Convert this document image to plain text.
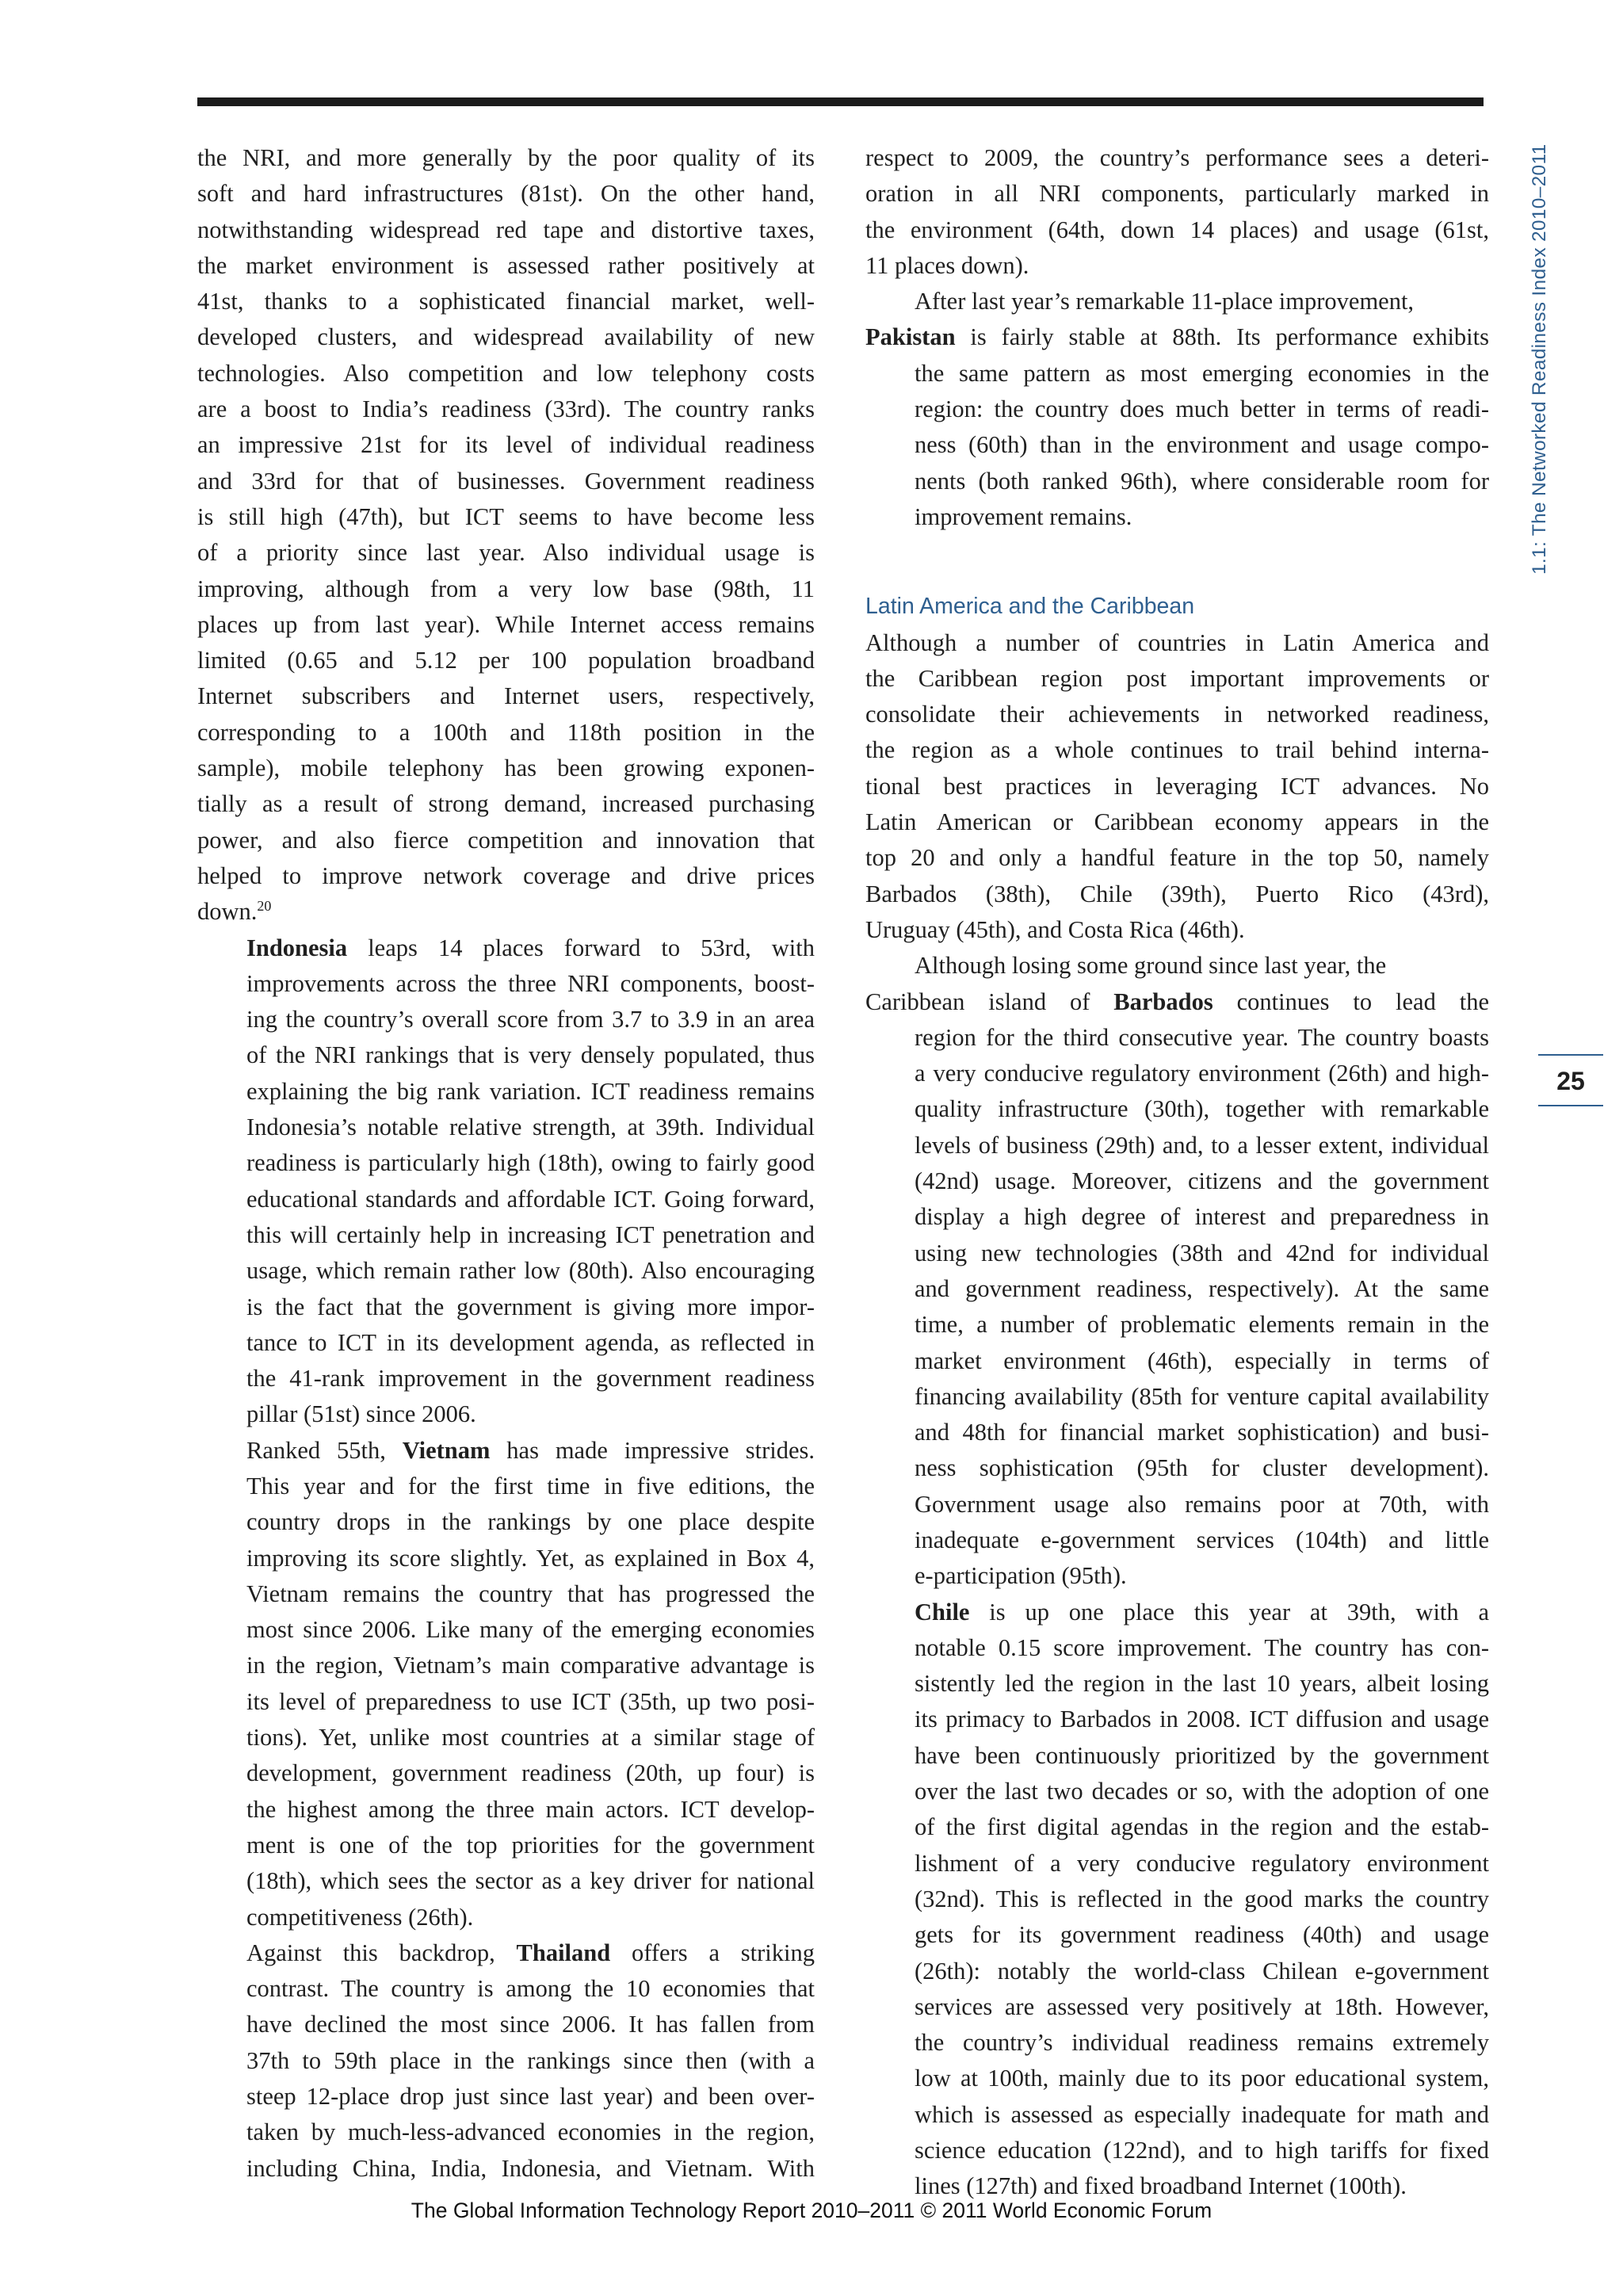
the NRI, and more generally by the poor quality of its
soft and hard infrastructures (81st). On the other hand,
notwithstanding widespread red tape and distortive taxes,
the market environment is assessed rather positively at
41st, thanks to a sophisticated financial market, well-
developed clusters, and widespread availability of new
technologies. Also competition and low telephony costs
are a boost to India’s readiness (33rd). The country ranks
an impressive 21st for its level of individual readiness
and 33rd for that of businesses. Government readiness
is still high (47th), but ICT seems to have become less
of a priority since last year. Also individual usage is
improving, although from a very low base (98th, 11
places up from last year). While Internet access remains
limited (0.65 and 5.12 per 100 population broadband
Internet subscribers and Internet users, respectively,
corresponding to a 100th and 118th position in the
sample), mobile telephony has been growing exponen-
tially as a result of strong demand, increased purchasing
power, and also fierce competition and innovation that
helped to improve network coverage and drive prices
down.$^{20}$

Indonesia leaps 14 places forward to 53rd, with
improvements across the three NRI components, boost-
ing the country’s overall score from 3.7 to 3.9 in an area
of the NRI rankings that is very densely populated, thus
explaining the big rank variation. ICT readiness remains
Indonesia’s notable relative strength, at 39th. Individual
readiness is particularly high (18th), owing to fairly good
educational standards and affordable ICT. Going forward,
this will certainly help in increasing ICT penetration and
usage, which remain rather low (80th). Also encouraging
is the fact that the government is giving more impor-
tance to ICT in its development agenda, as reflected in
the 41-rank improvement in the government readiness
pillar (51st) since 2006.

Ranked 55th, Vietnam has made impressive strides.
This year and for the first time in five editions, the
country drops in the rankings by one place despite
improving its score slightly. Yet, as explained in Box 4,
Vietnam remains the country that has progressed the
most since 2006. Like many of the emerging economies
in the region, Vietnam’s main comparative advantage is
its level of preparedness to use ICT (35th, up two posi-
tions). Yet, unlike most countries at a similar stage of
development, government readiness (20th, up four) is
the highest among the three main actors. ICT develop-
ment is one of the top priorities for the government
(18th), which sees the sector as a key driver for national
competitiveness (26th).

Against this backdrop, Thailand offers a striking
contrast. The country is among the 10 economies that
have declined the most since 2006. It has fallen from
37th to 59th place in the rankings since then (with a
steep 12-place drop just since last year) and been over-
taken by much-less-advanced economies in the region,
including China, India, Indonesia, and Vietnam. With

respect to 2009, the country’s performance sees a deteri-
oration in all NRI components, particularly marked in
the environment (64th, down 14 places) and usage (61st,
11 places down).

After last year’s remarkable 11-place improvement,
Pakistan is fairly stable at 88th. Its performance exhibits
the same pattern as most emerging economies in the
region: the country does much better in terms of readi-
ness (60th) than in the environment and usage compo-
nents (both ranked 96th), where considerable room for
improvement remains.

Latin America and the Caribbean

Although a number of countries in Latin America and
the Caribbean region post important improvements or
consolidate their achievements in networked readiness,
the region as a whole continues to trail behind interna-
tional best practices in leveraging ICT advances. No
Latin American or Caribbean economy appears in the
top 20 and only a handful feature in the top 50, namely
Barbados (38th), Chile (39th), Puerto Rico (43rd),
Uruguay (45th), and Costa Rica (46th).

Although losing some ground since last year, the
Caribbean island of Barbados continues to lead the
region for the third consecutive year. The country boasts
a very conducive regulatory environment (26th) and high-
quality infrastructure (30th), together with remarkable
levels of business (29th) and, to a lesser extent, individual
(42nd) usage. Moreover, citizens and the government
display a high degree of interest and preparedness in
using new technologies (38th and 42nd for individual
and government readiness, respectively). At the same
time, a number of problematic elements remain in the
market environment (46th), especially in terms of
financing availability (85th for venture capital availability
and 48th for financial market sophistication) and busi-
ness sophistication (95th for cluster development).
Government usage also remains poor at 70th, with
inadequate e-government services (104th) and little
e-participation (95th).

Chile is up one place this year at 39th, with a
notable 0.15 score improvement. The country has con-
sistently led the region in the last 10 years, albeit losing
its primacy to Barbados in 2008. ICT diffusion and usage
have been continuously prioritized by the government
over the last two decades or so, with the adoption of one
of the first digital agendas in the region and the estab-
lishment of a very conducive regulatory environment
(32nd). This is reflected in the good marks the country
gets for its government readiness (40th) and usage
(26th): notably the world-class Chilean e-government
services are assessed very positively at 18th. However,
the country’s individual readiness remains extremely
low at 100th, mainly due to its poor educational system,
which is assessed as especially inadequate for math and
science education (122nd), and to high tariffs for fixed
lines (127th) and fixed broadband Internet (100th).

1.1: The Networked Readiness Index 2010–2011
25
The Global Information Technology Report 2010–2011 © 2011 World Economic Forum
